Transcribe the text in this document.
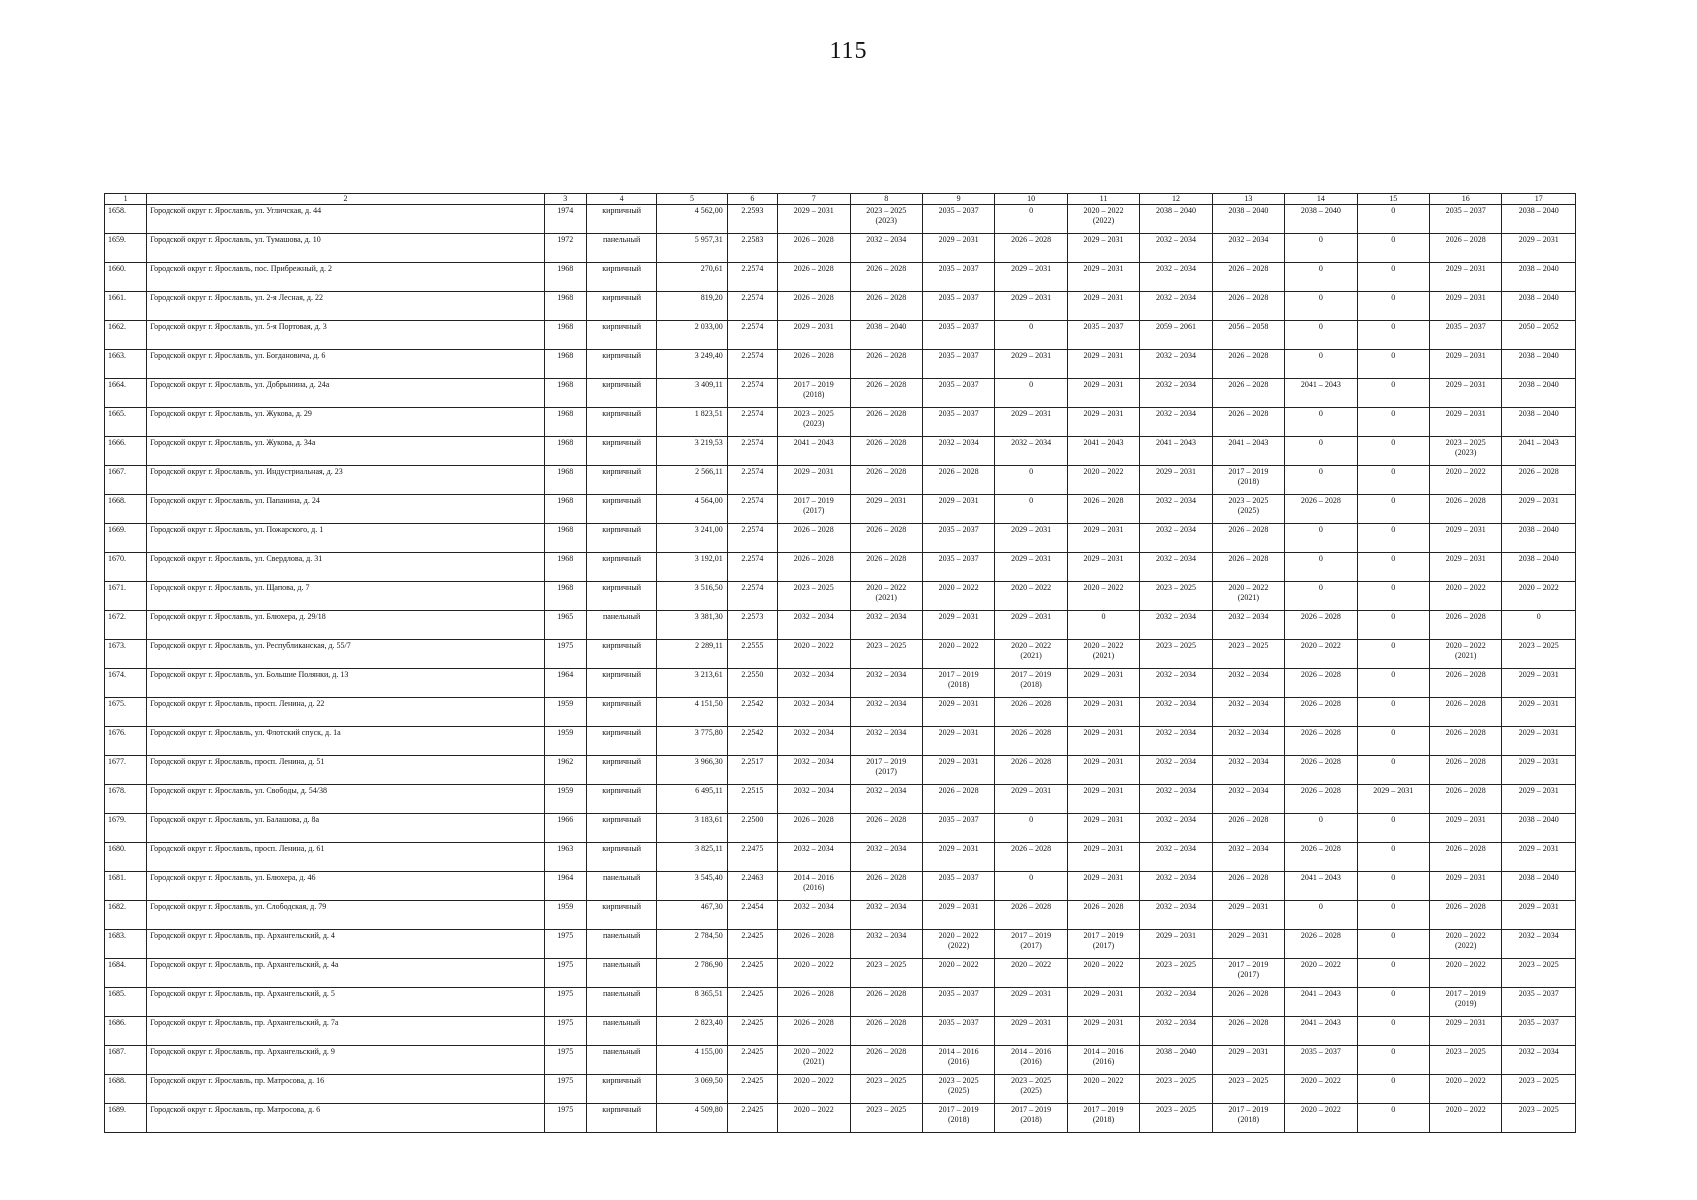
115
1	2	3	4	5	6	7	8	9	10	11	12	13	14	15	16	17

1658.	Городской округ г. Ярославль, ул. Угличская, д. 44	1974	кирпичный	4 562,00	2.2593	2029 – 2031	2023 – 2025
(2023)	2035 – 2037	0	2020 – 2022
(2022)	2038 – 2040	2038 – 2040	2038 – 2040	0	2035 – 2037	2038 – 2040

1659.	Городской округ г. Ярославль, ул. Тумашова, д. 10	1972	панельный	5 957,31	2.2583	2026 – 2028	2032 – 2034	2029 – 2031	2026 – 2028	2029 – 2031	2032 – 2034	2032 – 2034	0	0	2026 – 2028	2029 – 2031

1660.	Городской округ г. Ярославль, пос. Прибрежный, д. 2	1968	кирпичный	270,61	2.2574	2026 – 2028	2026 – 2028	2035 – 2037	2029 – 2031	2029 – 2031	2032 – 2034	2026 – 2028	0	0	2029 – 2031	2038 – 2040

1661.	Городской округ г. Ярославль, ул. 2-я Лесная, д. 22	1968	кирпичный	819,20	2.2574	2026 – 2028	2026 – 2028	2035 – 2037	2029 – 2031	2029 – 2031	2032 – 2034	2026 – 2028	0	0	2029 – 2031	2038 – 2040

1662.	Городской округ г. Ярославль, ул. 5-я Портовая, д. 3	1968	кирпичный	2 033,00	2.2574	2029 – 2031	2038 – 2040	2035 – 2037	0	2035 – 2037	2059 – 2061	2056 – 2058	0	0	2035 – 2037	2050 – 2052

1663.	Городской округ г. Ярославль, ул. Богдановича, д. 6	1968	кирпичный	3 249,40	2.2574	2026 – 2028	2026 – 2028	2035 – 2037	2029 – 2031	2029 – 2031	2032 – 2034	2026 – 2028	0	0	2029 – 2031	2038 – 2040

1664.	Городской округ г. Ярославль, ул. Добрынина, д. 24а	1968	кирпичный	3 409,11	2.2574	2017 – 2019
(2018)	2026 – 2028	2035 – 2037	0	2029 – 2031	2032 – 2034	2026 – 2028	2041 – 2043	0	2029 – 2031	2038 – 2040

1665.	Городской округ г. Ярославль, ул. Жукова, д. 29	1968	кирпичный	1 823,51	2.2574	2023 – 2025
(2023)	2026 – 2028	2035 – 2037	2029 – 2031	2029 – 2031	2032 – 2034	2026 – 2028	0	0	2029 – 2031	2038 – 2040

1666.	Городской округ г. Ярославль, ул. Жукова, д. 34а	1968	кирпичный	3 219,53	2.2574	2041 – 2043	2026 – 2028	2032 – 2034	2032 – 2034	2041 – 2043	2041 – 2043	2041 – 2043	0	0	2023 – 2025
(2023)	2041 – 2043

1667.	Городской округ г. Ярославль, ул. Индустриальная, д. 23	1968	кирпичный	2 566,11	2.2574	2029 – 2031	2026 – 2028	2026 – 2028	0	2020 – 2022	2029 – 2031	2017 – 2019
(2018)	0	0	2020 – 2022	2026 – 2028

1668.	Городской округ г. Ярославль, ул. Папанина, д. 24	1968	кирпичный	4 564,00	2.2574	2017 – 2019
(2017)	2029 – 2031	2029 – 2031	0	2026 – 2028	2032 – 2034	2023 – 2025
(2025)	2026 – 2028	0	2026 – 2028	2029 – 2031

1669.	Городской округ г. Ярославль, ул. Пожарского, д. 1	1968	кирпичный	3 241,00	2.2574	2026 – 2028	2026 – 2028	2035 – 2037	2029 – 2031	2029 – 2031	2032 – 2034	2026 – 2028	0	0	2029 – 2031	2038 – 2040

1670.	Городской округ г. Ярославль, ул. Свердлова, д. 31	1968	кирпичный	3 192,01	2.2574	2026 – 2028	2026 – 2028	2035 – 2037	2029 – 2031	2029 – 2031	2032 – 2034	2026 – 2028	0	0	2029 – 2031	2038 – 2040

1671.	Городской округ г. Ярославль, ул. Щапова, д. 7	1968	кирпичный	3 516,50	2.2574	2023 – 2025	2020 – 2022
(2021)	2020 – 2022	2020 – 2022	2020 – 2022	2023 – 2025	2020 – 2022
(2021)	0	0	2020 – 2022	2020 – 2022

1672.	Городской округ г. Ярославль, ул. Блюхера, д. 29/18	1965	панельный	3 381,30	2.2573	2032 – 2034	2032 – 2034	2029 – 2031	2029 – 2031	0	2032 – 2034	2032 – 2034	2026 – 2028	0	2026 – 2028	0

1673.	Городской округ г. Ярославль, ул. Республиканская, д. 55/7	1975	кирпичный	2 289,11	2.2555	2020 – 2022	2023 – 2025	2020 – 2022	2020 – 2022
(2021)	2020 – 2022
(2021)	2023 – 2025	2023 – 2025	2020 – 2022	0	2020 – 2022
(2021)	2023 – 2025

1674.	Городской округ г. Ярославль, ул. Большие Полянки, д. 13	1964	кирпичный	3 213,61	2.2550	2032 – 2034	2032 – 2034	2017 – 2019
(2018)	2017 – 2019
(2018)	2029 – 2031	2032 – 2034	2032 – 2034	2026 – 2028	0	2026 – 2028	2029 – 2031

1675.	Городской округ г. Ярославль, просп. Ленина, д. 22	1959	кирпичный	4 151,50	2.2542	2032 – 2034	2032 – 2034	2029 – 2031	2026 – 2028	2029 – 2031	2032 – 2034	2032 – 2034	2026 – 2028	0	2026 – 2028	2029 – 2031

1676.	Городской округ г. Ярославль, ул. Флотский спуск, д. 1а	1959	кирпичный	3 775,80	2.2542	2032 – 2034	2032 – 2034	2029 – 2031	2026 – 2028	2029 – 2031	2032 – 2034	2032 – 2034	2026 – 2028	0	2026 – 2028	2029 – 2031

1677.	Городской округ г. Ярославль, просп. Ленина, д. 51	1962	кирпичный	3 966,30	2.2517	2032 – 2034	2017 – 2019
(2017)	2029 – 2031	2026 – 2028	2029 – 2031	2032 – 2034	2032 – 2034	2026 – 2028	0	2026 – 2028	2029 – 2031

1678.	Городской округ г. Ярославль, ул. Свободы, д. 54/38	1959	кирпичный	6 495,11	2.2515	2032 – 2034	2032 – 2034	2026 – 2028	2029 – 2031	2029 – 2031	2032 – 2034	2032 – 2034	2026 – 2028	2029 – 2031	2026 – 2028	2029 – 2031

1679.	Городской округ г. Ярославль, ул. Балашова, д. 8а	1966	кирпичный	3 183,61	2.2500	2026 – 2028	2026 – 2028	2035 – 2037	0	2029 – 2031	2032 – 2034	2026 – 2028	0	0	2029 – 2031	2038 – 2040

1680.	Городской округ г. Ярославль, просп. Ленина, д. 61	1963	кирпичный	3 825,11	2.2475	2032 – 2034	2032 – 2034	2029 – 2031	2026 – 2028	2029 – 2031	2032 – 2034	2032 – 2034	2026 – 2028	0	2026 – 2028	2029 – 2031

1681.	Городской округ г. Ярославль, ул. Блюхера, д. 46	1964	панельный	3 545,40	2.2463	2014 – 2016
(2016)	2026 – 2028	2035 – 2037	0	2029 – 2031	2032 – 2034	2026 – 2028	2041 – 2043	0	2029 – 2031	2038 – 2040

1682.	Городской округ г. Ярославль, ул. Слободская, д. 79	1959	кирпичный	467,30	2.2454	2032 – 2034	2032 – 2034	2029 – 2031	2026 – 2028	2026 – 2028	2032 – 2034	2029 – 2031	0	0	2026 – 2028	2029 – 2031

1683.	Городской округ г. Ярославль, пр. Архангельский, д. 4	1975	панельный	2 784,50	2.2425	2026 – 2028	2032 – 2034	2020 – 2022
(2022)	2017 – 2019
(2017)	2017 – 2019
(2017)	2029 – 2031	2029 – 2031	2026 – 2028	0	2020 – 2022
(2022)	2032 – 2034

1684.	Городской округ г. Ярославль, пр. Архангельский, д. 4а	1975	панельный	2 786,90	2.2425	2020 – 2022	2023 – 2025	2020 – 2022	2020 – 2022	2020 – 2022	2023 – 2025	2017 – 2019
(2017)	2020 – 2022	0	2020 – 2022	2023 – 2025

1685.	Городской округ г. Ярославль, пр. Архангельский, д. 5	1975	панельный	8 365,51	2.2425	2026 – 2028	2026 – 2028	2035 – 2037	2029 – 2031	2029 – 2031	2032 – 2034	2026 – 2028	2041 – 2043	0	2017 – 2019
(2019)	2035 – 2037

1686.	Городской округ г. Ярославль, пр. Архангельский, д. 7а	1975	панельный	2 823,40	2.2425	2026 – 2028	2026 – 2028	2035 – 2037	2029 – 2031	2029 – 2031	2032 – 2034	2026 – 2028	2041 – 2043	0	2029 – 2031	2035 – 2037

1687.	Городской округ г. Ярославль, пр. Архангельский, д. 9	1975	панельный	4 155,00	2.2425	2020 – 2022
(2021)	2026 – 2028	2014 – 2016
(2016)	2014 – 2016
(2016)	2014 – 2016
(2016)	2038 – 2040	2029 – 2031	2035 – 2037	0	2023 – 2025	2032 – 2034

1688.	Городской округ г. Ярославль, пр. Матросова, д. 16	1975	кирпичный	3 069,50	2.2425	2020 – 2022	2023 – 2025	2023 – 2025
(2025)	2023 – 2025
(2025)	2020 – 2022	2023 – 2025	2023 – 2025	2020 – 2022	0	2020 – 2022	2023 – 2025

1689.	Городской округ г. Ярославль, пр. Матросова, д. 6	1975	кирпичный	4 509,80	2.2425	2020 – 2022	2023 – 2025	2017 – 2019
(2018)	2017 – 2019
(2018)	2017 – 2019
(2018)	2023 – 2025	2017 – 2019
(2018)	2020 – 2022	0	2020 – 2022	2023 – 2025
